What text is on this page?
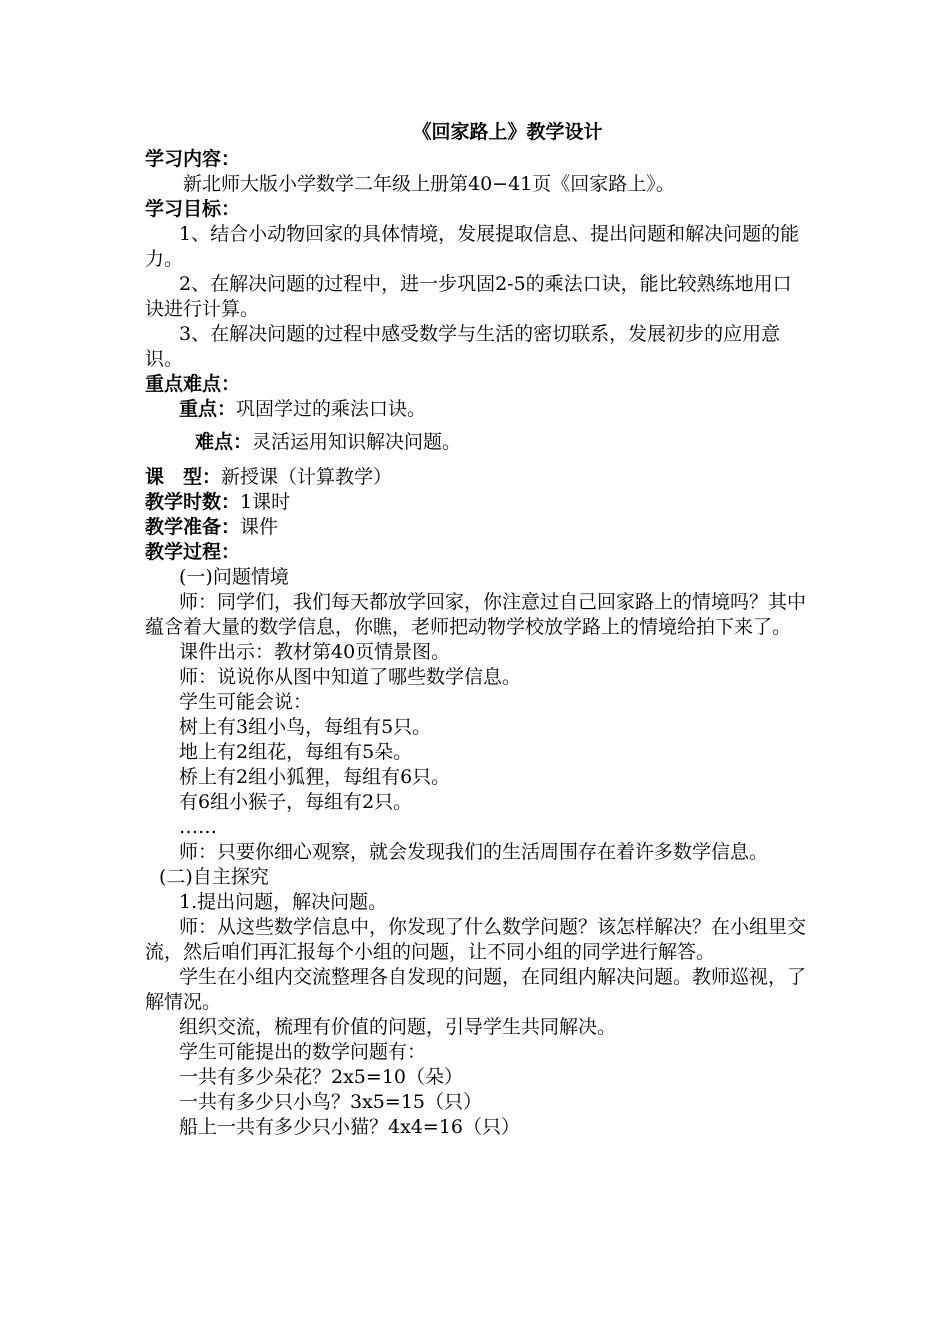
《回家路上》教学设计

学习内容：

新北师大版小学数学二年级上册第40−41页《回家路上》。

学习目标：

1、结合小动物回家的具体情境，发展提取信息、提出问题和解决问题的能力。

2、在解决问题的过程中，进一步巩固2-5的乘法口诀，能比较熟练地用口诀进行计算。

3、在解决问题的过程中感受数学与生活的密切联系，发展初步的应用意识。

重点难点：

重点：巩固学过的乘法口诀。

难点：灵活运用知识解决问题。

课　型：新授课（计算教学）

教学时数：1课时

教学准备：课件

教学过程：

(一)问题情境

师：同学们，我们每天都放学回家，你注意过自己回家路上的情境吗？其中蕴含着大量的数学信息，你瞧，老师把动物学校放学路上的情境给拍下来了。

课件出示：教材第40页情景图。

师：说说你从图中知道了哪些数学信息。

学生可能会说：

树上有3组小鸟，每组有5只。

地上有2组花，每组有5朵。

桥上有2组小狐狸，每组有6只。

有6组小猴子，每组有2只。

……

师：只要你细心观察，就会发现我们的生活周围存在着许多数学信息。

(二)自主探究

1.提出问题，解决问题。

师：从这些数学信息中，你发现了什么数学问题？该怎样解决？在小组里交流，然后咱们再汇报每个小组的问题，让不同小组的同学进行解答。

学生在小组内交流整理各自发现的问题，在同组内解决问题。教师巡视，了解情况。

组织交流，梳理有价值的问题，引导学生共同解决。

学生可能提出的数学问题有：

一共有多少朵花？2x5=10（朵）

一共有多少只小鸟？3x5=15（只）

船上一共有多少只小猫？4x4=16（只）
